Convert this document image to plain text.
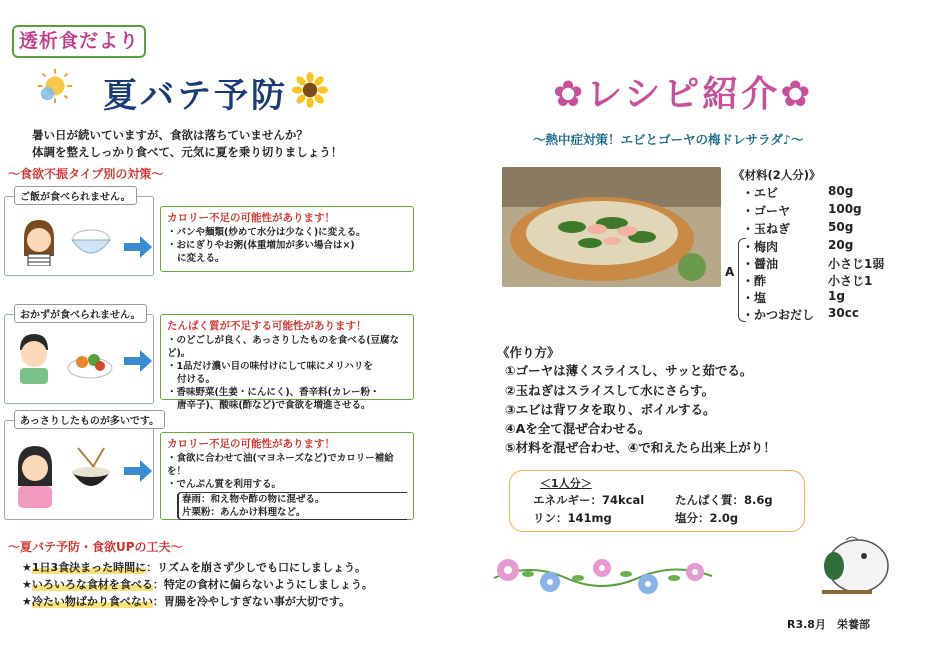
透析食だより
夏バテ予防
暑い日が続いていますが、食欲は落ちていませんか？
体調を整えしっかり食べて、元気に夏を乗り切りましょう！
～食欲不振タイプ別の対策～
ご飯が食べられません。
カロリー不足の可能性があります！
・パンや麺類(炒めて水分は少なく)に変える。
・おにぎりやお粥(体重増加が多い場合は×)
に変える。
おかずが食べられません。
たんぱく質が不足する可能性があります！
・のどごしが良く、あっさりしたものを食べる(豆腐など)。
・1品だけ濃い目の味付けにして味にメリハリを
付ける。
・香味野菜(生姜・にんにく)、香辛料(カレー粉・
唐辛子)、酸味(酢など)で食欲を増進させる。
あっさりしたものが多いです。
カロリー不足の可能性があります！
・食欲に合わせて油(マヨネーズなど)でカロリー補給を！
・でんぷん質を利用する。
春雨：和え物や酢の物に混ぜる。
片栗粉：あんかけ料理など。
～夏バテ予防・食欲UPの工夫～
★1日3食決まった時間に：リズムを崩さず少しでも口にしましょう。
★いろいろな食材を食べる：特定の食材に偏らないようにしましょう。
★冷たい物ばかり食べない：胃腸を冷やしすぎない事が大切です。
✿レシピ紹介✿
～熱中症対策！エビとゴーヤの梅ドレサラダ♪～
《材料(2人分)》
・エビ	80g
・ゴーヤ	100g
・玉ねぎ	50g
A
・梅肉	20g
・醤油	小さじ1弱
・酢	小さじ1
・塩	1g
・かつおだし 30cc
《作り方》
①ゴーヤは薄くスライスし、サッと茹でる。
②玉ねぎはスライスして水にさらす。
③エビは背ワタを取り、ボイルする。
④Aを全て混ぜ合わせる。
⑤材料を混ぜ合わせ、④で和えたら出来上がり！
＜1人分＞
エネルギー：74kcal	たんぱく質：8.6g
リン：141mg	塩分：2.0g
R3.8月　栄養部
